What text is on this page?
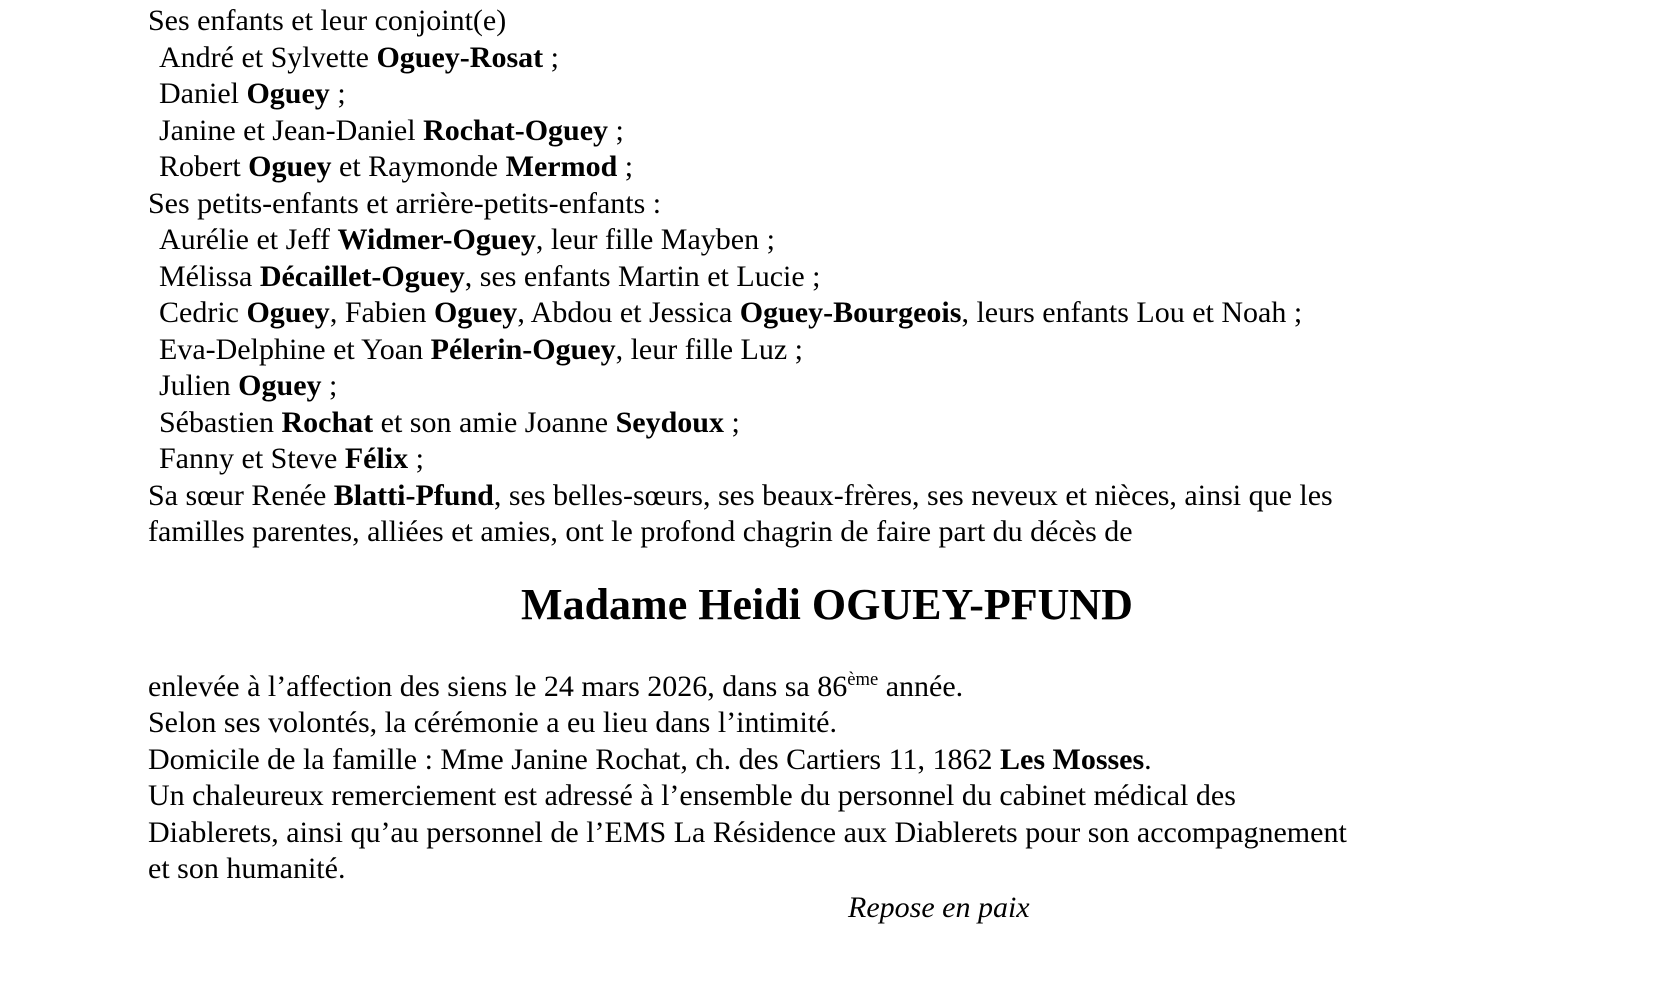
Ses enfants et leur conjoint(e)
André et Sylvette Oguey-Rosat ;
Daniel Oguey ;
Janine et Jean-Daniel Rochat-Oguey ;
Robert Oguey et Raymonde Mermod ;
Ses petits-enfants et arrière-petits-enfants :
Aurélie et Jeff Widmer-Oguey, leur fille Mayben ;
Mélissa Décaillet-Oguey, ses enfants Martin et Lucie ;
Cedric Oguey, Fabien Oguey, Abdou et Jessica Oguey-Bourgeois, leurs enfants Lou et Noah ;
Eva-Delphine et Yoan Pélerin-Oguey, leur fille Luz ;
Julien Oguey ;
Sébastien Rochat et son amie Joanne Seydoux ;
Fanny et Steve Félix ;
Sa sœur Renée Blatti-Pfund, ses belles-sœurs, ses beaux-frères, ses neveux et nièces, ainsi que les
familles parentes, alliées et amies, ont le profond chagrin de faire part du décès de
Madame Heidi OGUEY-PFUND
enlevée à l’affection des siens le 24 mars 2026, dans sa 86ème année.
Selon ses volontés, la cérémonie a eu lieu dans l’intimité.
Domicile de la famille : Mme Janine Rochat, ch. des Cartiers 11, 1862 Les Mosses.
Un chaleureux remerciement est adressé à l’ensemble du personnel du cabinet médical des
Diablerets, ainsi qu’au personnel de l’EMS La Résidence aux Diablerets pour son accompagnement
et son humanité.
Repose en paix
